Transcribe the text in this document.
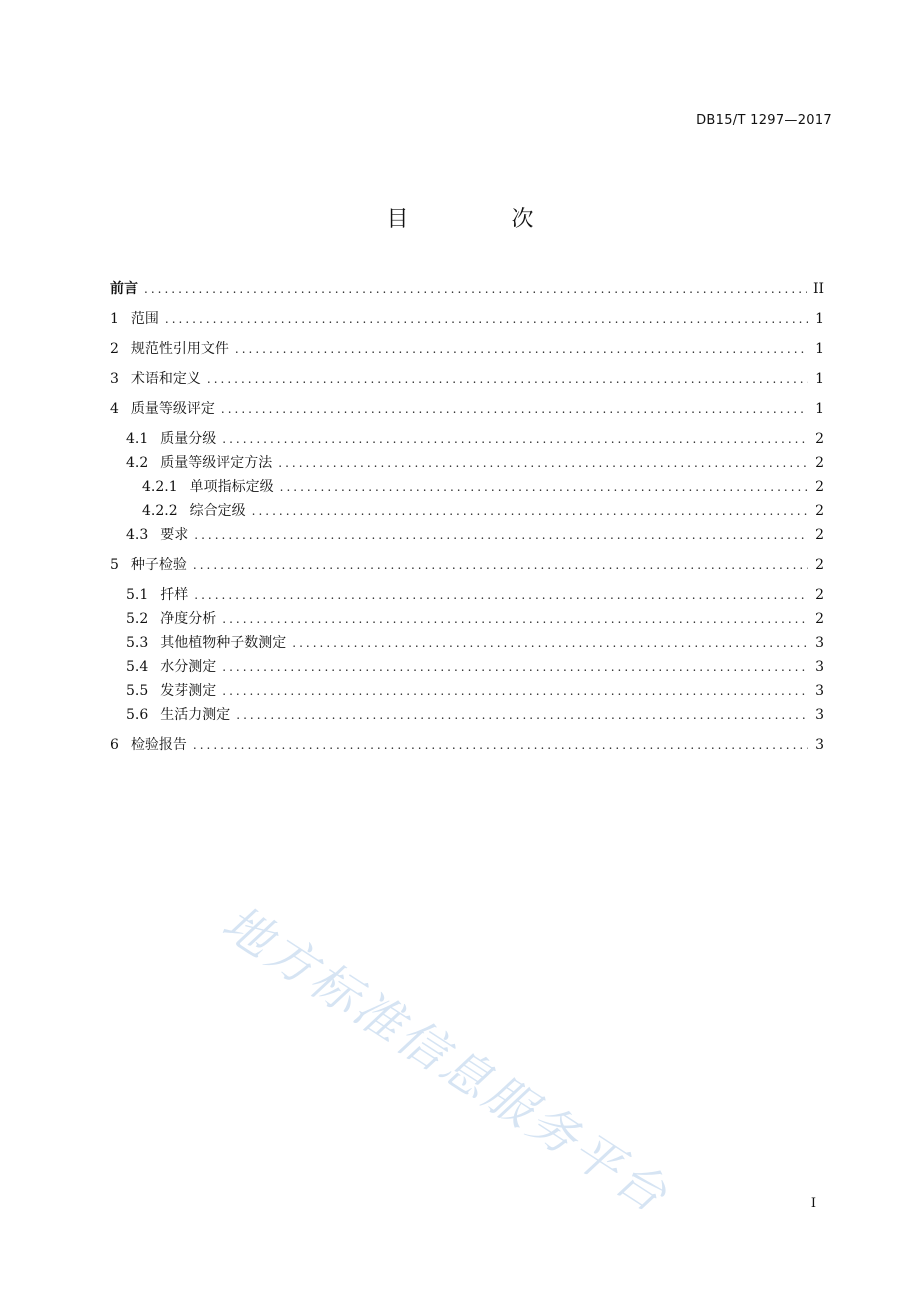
DB15/T 1297—2017
目 次
前言 .....	II
1 范围 .....	1
2 规范性引用文件 .....	1
3 术语和定义 .....	1
4 质量等级评定 .....	1
4.1 质量分级 .....	2
4.2 质量等级评定方法 .....	2
4.2.1 单项指标定级 .....	2
4.2.2 综合定级 .....	2
4.3 要求 .....	2
5 种子检验 .....	2
5.1 扦样 .....	2
5.2 净度分析 .....	2
5.3 其他植物种子数测定 .....	3
5.4 水分测定 .....	3
5.5 发芽测定 .....	3
5.6 生活力测定 .....	3
6 检验报告 .....	3
地方标准信息服务平台	I
